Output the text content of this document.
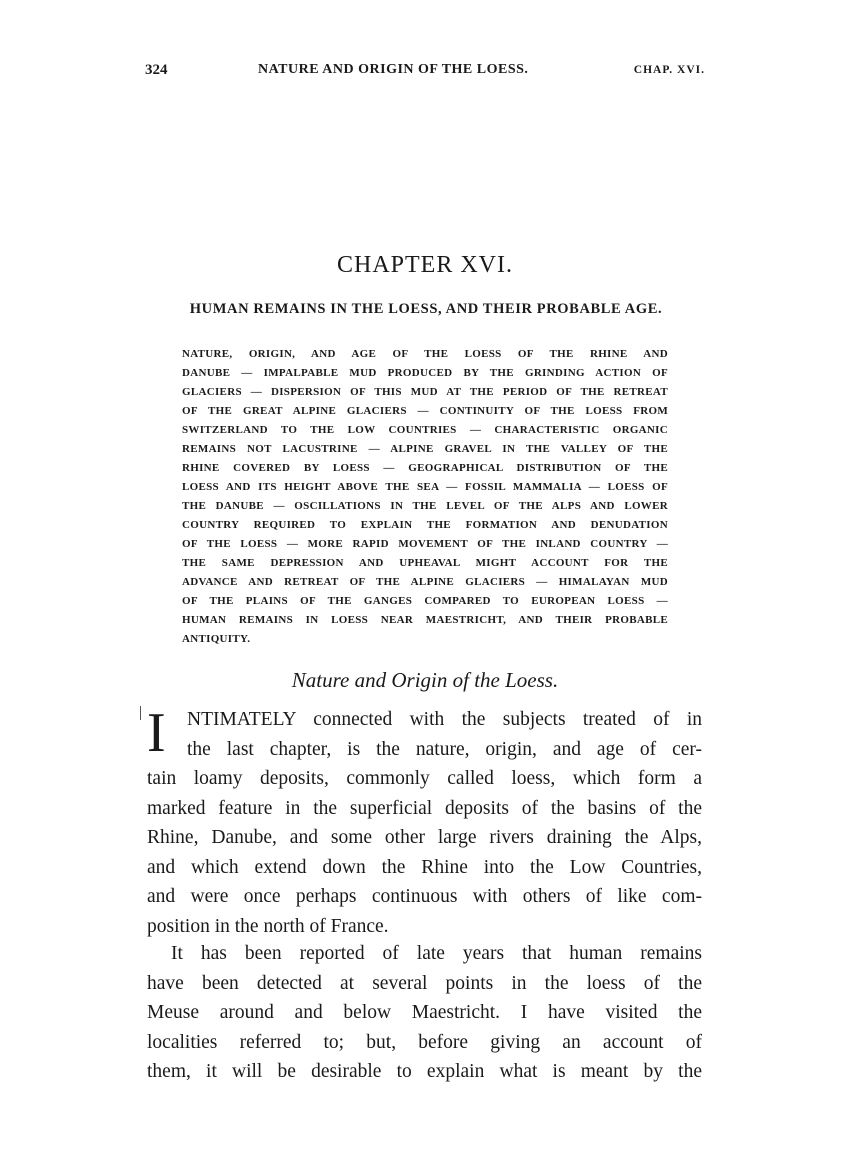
324	NATURE AND ORIGIN OF THE LOESS.	CHAP. XVI.
CHAPTER XVI.
HUMAN REMAINS IN THE LOESS, AND THEIR PROBABLE AGE.
NATURE, ORIGIN, AND AGE OF THE LOESS OF THE RHINE AND
DANUBE — IMPALPABLE MUD PRODUCED BY THE GRINDING ACTION OF
GLACIERS — DISPERSION OF THIS MUD AT THE PERIOD OF THE RETREAT
OF THE GREAT ALPINE GLACIERS — CONTINUITY OF THE LOESS FROM
SWITZERLAND TO THE LOW COUNTRIES — CHARACTERISTIC ORGANIC
REMAINS NOT LACUSTRINE — ALPINE GRAVEL IN THE VALLEY OF THE
RHINE COVERED BY LOESS — GEOGRAPHICAL DISTRIBUTION OF THE
LOESS AND ITS HEIGHT ABOVE THE SEA — FOSSIL MAMMALIA — LOESS OF
THE DANUBE — OSCILLATIONS IN THE LEVEL OF THE ALPS AND LOWER
COUNTRY REQUIRED TO EXPLAIN THE FORMATION AND DENUDATION
OF THE LOESS — MORE RAPID MOVEMENT OF THE INLAND COUNTRY —
THE SAME DEPRESSION AND UPHEAVAL MIGHT ACCOUNT FOR THE
ADVANCE AND RETREAT OF THE ALPINE GLACIERS — HIMALAYAN MUD
OF THE PLAINS OF THE GANGES COMPARED TO EUROPEAN LOESS —
HUMAN REMAINS IN LOESS NEAR MAESTRICHT, AND THEIR PROBABLE
ANTIQUITY.
Nature and Origin of the Loess.
I NTIMATELY connected with the subjects treated of in
the last chapter, is the nature, origin, and age of cer-
tain loamy deposits, commonly called loess, which form a
marked feature in the superficial deposits of the basins of the
Rhine, Danube, and some other large rivers draining the Alps,
and which extend down the Rhine into the Low Countries,
and were once perhaps continuous with others of like com-
position in the north of France.
It has been reported of late years that human remains
have been detected at several points in the loess of the
Meuse around and below Maestricht. I have visited the
localities referred to; but, before giving an account of
them, it will be desirable to explain what is meant by the
